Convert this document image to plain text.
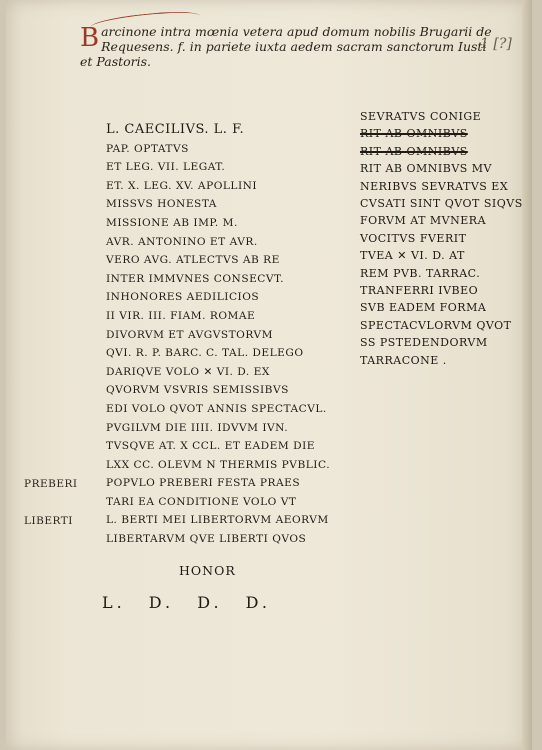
B arcinone intra mœnia vetera apud domum nobilis Brugarii de Requesens. f. in pariete iuxta aedem sacram sanctorum Iusti et Pastoris.
1 [?]
L. CAECILIVS. L. F.
PAP. OPTATVS
ET LEG. VII. LEGAT.
ET. X. LEG. XV. APOLLINI
MISSVS HONESTA
MISSIONE AB IMP. M.
AVR. ANTONINO ET AVR.
VERO AVG. ATLECTVS AB RE
INTER IMMVNES CONSECVT.
INHONORES AEDILICIOS
II VIR. III. FIAM. ROMAE
DIVORVM ET AVGVSTORVM
QVI. R. P. BARC. C. TAL. DELEGO
DARIQVE VOLO ✕ VI. D. EX
QVORVM VSVRIS SEMISSIBVS
EDI VOLO QVOT ANNIS SPECTACVL.
PVGILVM DIE IIII. IDVVM IVN.
TVSQVE AT. X CCL. ET EADEM DIE
LXX CC. OLEVM N THERMIS PVBLIC.
POPVLO PREBERI FESTA PRAES
TARI EA CONDITIONE VOLO VT
L. BERTI MEI LIBERTORVM AEORVM
LIBERTARVM QVE LIBERTI QVOS
PREBERI
LIBERTI
SEVRATVS CONIGE
RIT AB OMNIBVS
RIT AB OMNIBVS
RIT AB OMNIBVS MV
NERIBVS SEVRATVS EX
CVSATI SINT QVOT SIQVS
FORVM AT MVNERA
VOCITVS FVERIT
TVEA ✕ VI. D. AT
REM PVB. TARRAC.
TRANFERRI IVBEO
SVB EADEM FORMA
SPECTACVLORVM QVOT
SS PSTEDENDORVM
TARRACONE .
HONOR
L. D. D. D.
